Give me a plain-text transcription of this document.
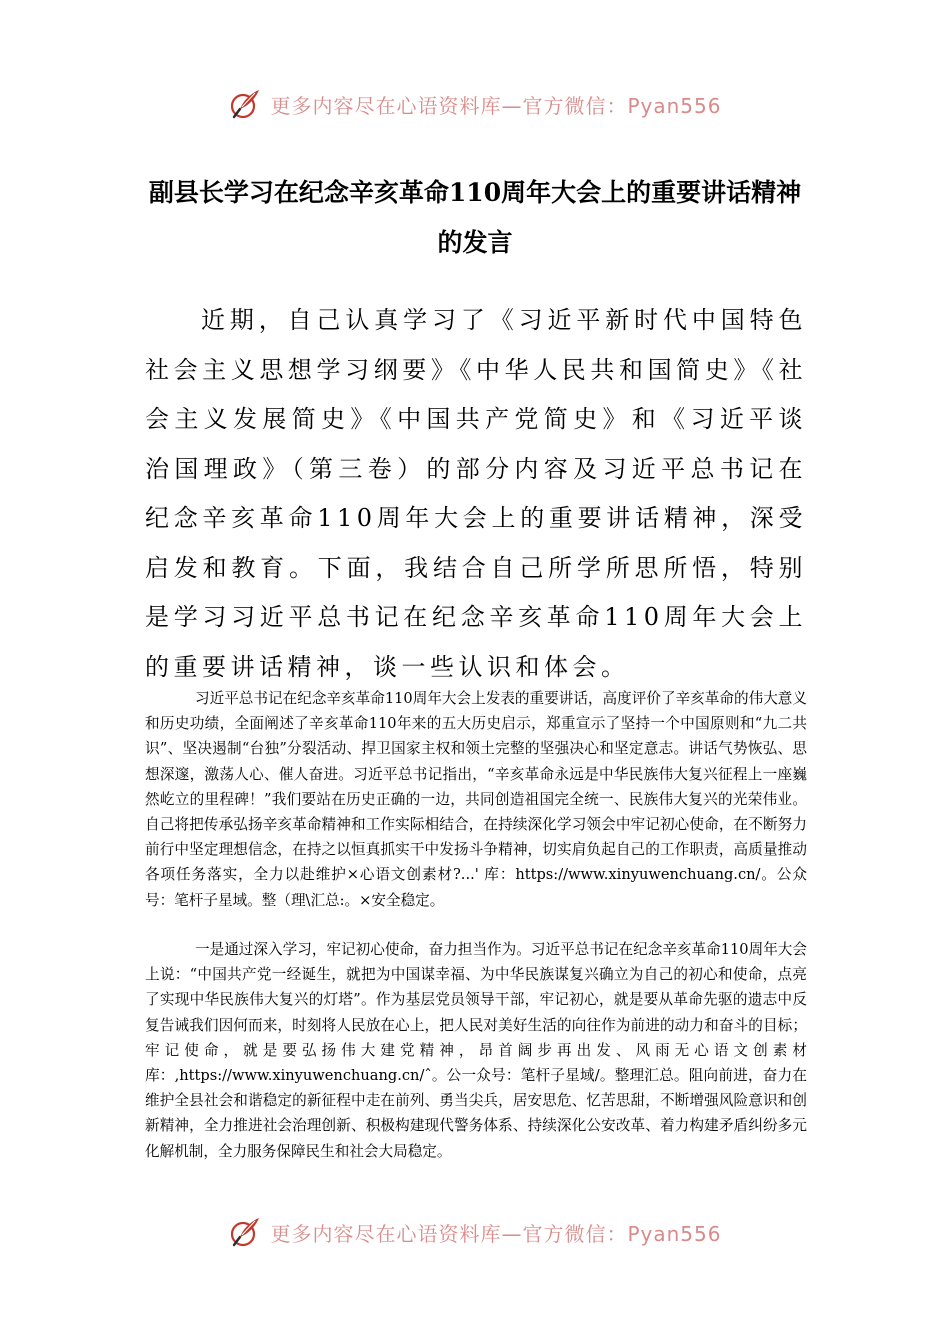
更多内容尽在心语资料库—官方微信：Pyan556
副县长学习在纪念辛亥革命110周年大会上的重要讲话精神的发言

近期，自己认真学习了《习近平新时代中国特色社会主义思想学习纲要》《中华人民共和国简史》《社会主义发展简史》《中国共产党简史》和《习近平谈治国理政》（第三卷）的部分内容及习近平总书记在纪念辛亥革命110周年大会上的重要讲话精神，深受启发和教育。下面，我结合自己所学所思所悟，特别是学习习近平总书记在纪念辛亥革命110周年大会上的重要讲话精神，谈一些认识和体会。

习近平总书记在纪念辛亥革命110周年大会上发表的重要讲话，高度评价了辛亥革命的伟大意义和历史功绩，全面阐述了辛亥革命110年来的五大历史启示，郑重宣示了坚持一个中国原则和“九二共识”、坚决遏制“台独”分裂活动、捍卫国家主权和领土完整的坚强决心和坚定意志。讲话气势恢弘、思想深邃，激荡人心、催人奋进。习近平总书记指出，“辛亥革命永远是中华民族伟大复兴征程上一座巍然屹立的里程碑！”我们要站在历史正确的一边，共同创造祖国完全统一、民族伟大复兴的光荣伟业。自己将把传承弘扬辛亥革命精神和工作实际相结合，在持续深化学习领会中牢记初心使命，在不断努力前行中坚定理想信念，在持之以恒真抓实干中发扬斗争精神，切实肩负起自己的工作职责，高质量推动各项任务落实，全力以赴维护×心语文创素材?...' 库：https://www.xinyuwenchuang.cn/。公众号：笔杆子星域。整（理\汇总:。×安全稳定。

一是通过深入学习，牢记初心使命，奋力担当作为。习近平总书记在纪念辛亥革命110周年大会上说：“中国共产党一经诞生，就把为中国谋幸福、为中华民族谋复兴确立为自己的初心和使命，点亮了实现中华民族伟大复兴的灯塔”。作为基层党员领导干部，牢记初心，就是要从革命先驱的遗志中反复告诫我们因何而来，时刻将人民放在心上，把人民对美好生活的向往作为前进的动力和奋斗的目标；牢记使命，就是要弘扬伟大建党精神，昂首阔步再出发、风雨无心语文创素材库：,https://www.xinyuwenchuang.cn/ˆ。公一众号：笔杆子星域/。整理汇总。阻向前进，奋力在维护全县社会和谐稳定的新征程中走在前列、勇当尖兵，居安思危、忆苦思甜，不断增强风险意识和创新精神，全力推进社会治理创新、积极构建现代警务体系、持续深化公安改革、着力构建矛盾纠纷多元化解机制，全力服务保障民生和社会大局稳定。

更多内容尽在心语资料库—官方微信：Pyan556
